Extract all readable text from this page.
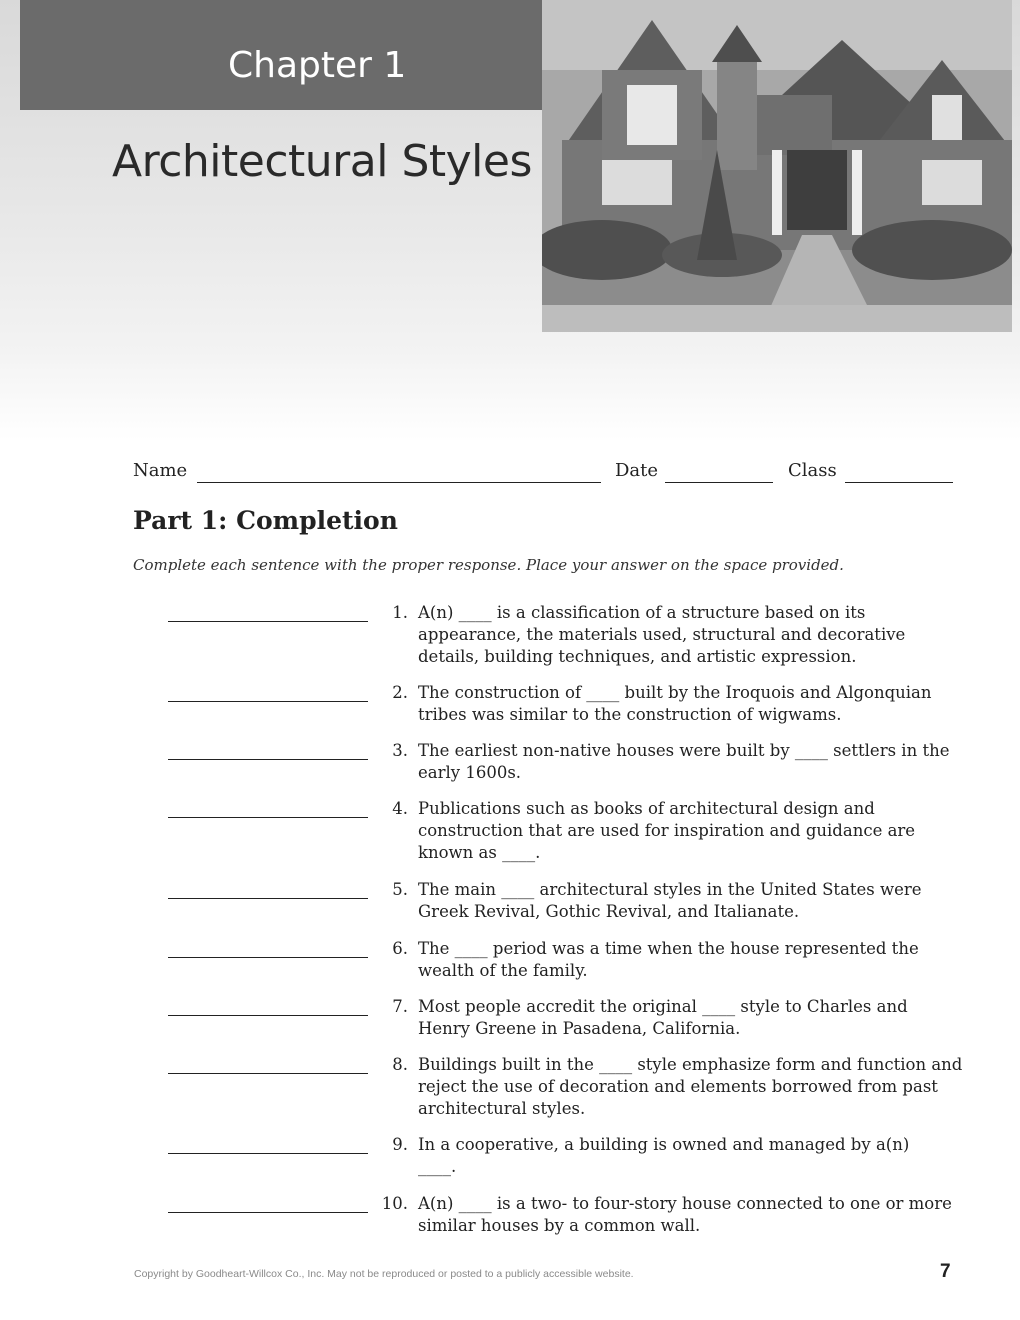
Chapter 1
Architectural Styles
Name	Date	Class
Part 1: Completion
Complete each sentence with the proper response. Place your answer on the space provided.
1. A(n) ____ is a classification of a structure based on its appearance, the materials used, structural and decorative details, building techniques, and artistic expression.
2. The construction of ____ built by the Iroquois and Algonquian tribes was similar to the construction of wigwams.
3. The earliest non-native houses were built by ____ settlers in the early 1600s.
4. Publications such as books of architectural design and construction that are used for inspiration and guidance are known as ____.
5. The main ____ architectural styles in the United States were Greek Revival, Gothic Revival, and Italianate.
6. The ____ period was a time when the house represented the wealth of the family.
7. Most people accredit the original ____ style to Charles and Henry Greene in Pasadena, California.
8. Buildings built in the ____ style emphasize form and function and reject the use of decoration and elements borrowed from past architectural styles.
9. In a cooperative, a building is owned and managed by a(n) ____.
10. A(n) ____ is a two- to four-story house connected to one or more similar houses by a common wall.
Copyright by Goodheart-Willcox Co., Inc. May not be reproduced or posted to a publicly accessible website.	7
